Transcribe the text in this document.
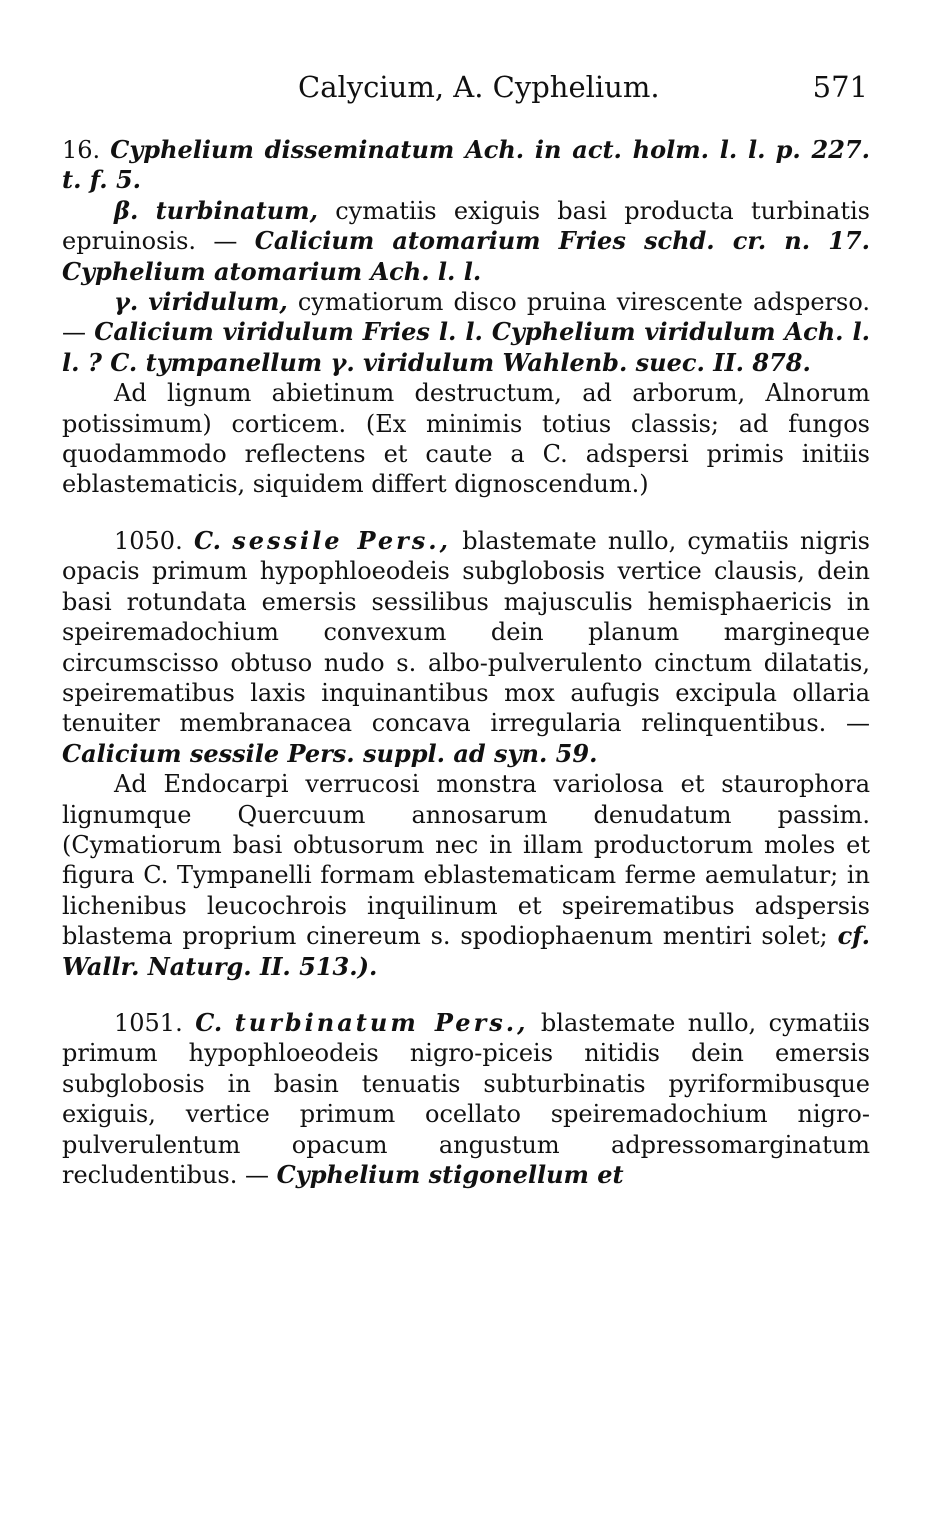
Calycium, A. Cyphelium.	571

16. Cyphelium disseminatum Ach. in act. holm. l. l. p. 227. t. f. 5.

β. turbinatum, cymatiis exiguis basi producta turbinatis epruinosis. — Calicium atomarium Fries schd. cr. n. 17. Cyphelium atomarium Ach. l. l.

γ. viridulum, cymatiorum disco pruina virescente adsperso. — Calicium viridulum Fries l. l. Cyphelium viridulum Ach. l. l. ? C. tympanellum γ. viridulum Wahlenb. suec. II. 878.

Ad lignum abietinum destructum, ad arborum, Alnorum potissimum) corticem. (Ex minimis totius classis; ad fungos quodammodo reflectens et caute a C. adspersi primis initiis eblastematicis, siquidem differt dignoscendum.)

1050. C. sessile Pers., blastemate nullo, cymatiis nigris opacis primum hypophloeodeis subglobosis vertice clausis, dein basi rotundata emersis sessilibus majusculis hemisphaericis in speiremadochium convexum dein planum margineque circumscisso obtuso nudo s. albo-pulverulento cinctum dilatatis, speirematibus laxis inquinantibus mox aufugis excipula ollaria tenuiter membranacea concava irregularia relinquentibus. — Calicium sessile Pers. suppl. ad syn. 59.

Ad Endocarpi verrucosi monstra variolosa et staurophora lignumque Quercuum annosarum denudatum passim. (Cymatiorum basi obtusorum nec in illam productorum moles et figura C. Tympanelli formam eblastematicam ferme aemulatur; in lichenibus leucochrois inquilinum et speirematibus adspersis blastema proprium cinereum s. spodiophaenum mentiri solet; cf. Wallr. Naturg. II. 513.).

1051. C. turbinatum Pers., blastemate nullo, cymatiis primum hypophloeodeis nigro-piceis nitidis dein emersis subglobosis in basin tenuatis subturbinatis pyriformibusque exiguis, vertice primum ocellato speiremadochium nigro-pulverulentum opacum angustum adpressomarginatum recludentibus. — Cyphelium stigonellum et
